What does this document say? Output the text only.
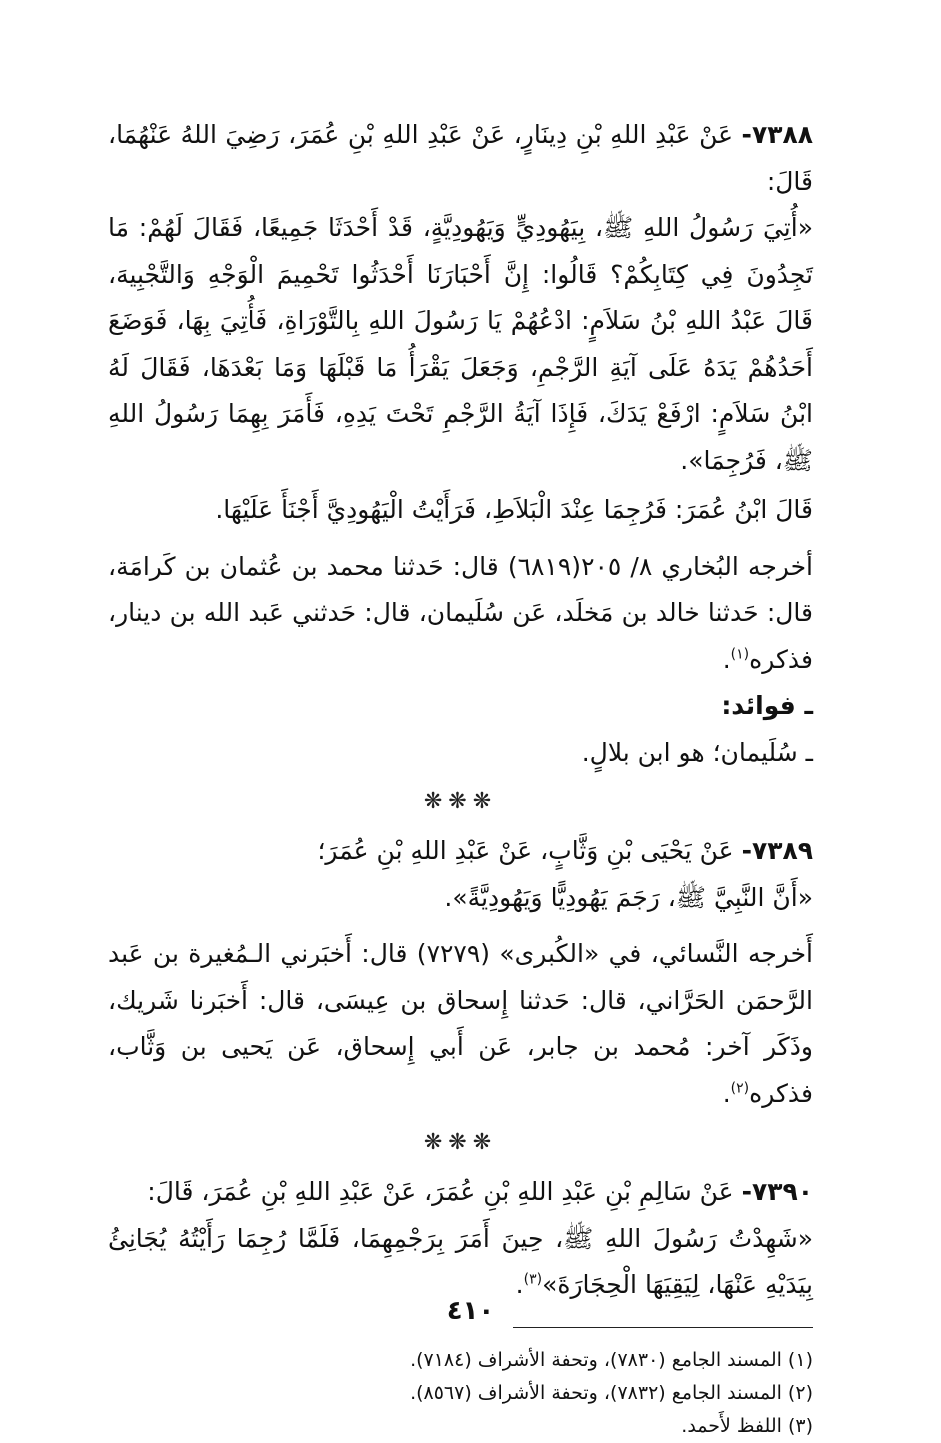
٧٣٨٨- عَنْ عَبْدِ اللهِ بْنِ دِينَارٍ، عَنْ عَبْدِ اللهِ بْنِ عُمَرَ، رَضِيَ اللهُ عَنْهُمَا، قَالَ:

«أُتِيَ رَسُولُ اللهِ ﷺ، بِيَهُودِيٍّ وَيَهُودِيَّةٍ، قَدْ أَحْدَثَا جَمِيعًا، فَقَالَ لَهُمْ: مَا تَجِدُونَ فِي كِتَابِكُمْ؟ قَالُوا: إِنَّ أَحْبَارَنَا أَحْدَثُوا تَحْمِيمَ الْوَجْهِ وَالتَّجْبِيهَ، قَالَ عَبْدُ اللهِ بْنُ سَلاَمٍ: ادْعُهُمْ يَا رَسُولَ اللهِ بِالتَّوْرَاةِ، فَأُتِيَ بِهَا، فَوَضَعَ أَحَدُهُمْ يَدَهُ عَلَى آيَةِ الرَّجْمِ، وَجَعَلَ يَقْرَأُ مَا قَبْلَهَا وَمَا بَعْدَهَا، فَقَالَ لَهُ ابْنُ سَلاَمٍ: ارْفَعْ يَدَكَ، فَإِذَا آيَةُ الرَّجْمِ تَحْتَ يَدِهِ، فَأَمَرَ بِهِمَا رَسُولُ اللهِ ﷺ، فَرُجِمَا».

قَالَ ابْنُ عُمَرَ: فَرُجِمَا عِنْدَ الْبَلاَطِ، فَرَأَيْتُ الْيَهُودِيَّ أَجْنَأَ عَلَيْهَا.

أخرجه البُخاري ٨/ ٢٠٥(٦٨١٩) قال: حَدثنا محمد بن عُثمان بن كَرامَة، قال: حَدثنا خالد بن مَخلَد، عَن سُلَيمان، قال: حَدثني عَبد الله بن دينار، فذكره$^{(١)}$.

ـ فوائد:

ـ سُلَيمان؛ هو ابن بلالٍ.

❋❋❋

٧٣٨٩- عَنْ يَحْيَى بْنِ وَثَّابٍ، عَنْ عَبْدِ اللهِ بْنِ عُمَرَ؛

«أَنَّ النَّبِيَّ ﷺ، رَجَمَ يَهُودِيًّا وَيَهُودِيَّةً».

أَخرجه النَّسائي، في «الكُبرى» (٧٢٧٩) قال: أَخبَرني الـمُغيرة بن عَبد الرَّحمَن الحَرَّاني، قال: حَدثنا إِسحاق بن عِيسَى، قال: أَخبَرنا شَريك، وذَكَر آخر: مُحمد بن جابر، عَن أَبي إِسحاق، عَن يَحيى بن وَثَّاب، فذكره$^{(٢)}$.

❋❋❋

٧٣٩٠- عَنْ سَالِمِ بْنِ عَبْدِ اللهِ بْنِ عُمَرَ، عَنْ عَبْدِ اللهِ بْنِ عُمَرَ، قَالَ:

«شَهِدْتُ رَسُولَ اللهِ ﷺ، حِينَ أَمَرَ بِرَجْمِهِمَا، فَلَمَّا رُجِمَا رَأَيْتُهُ يُجَانِئُ بِيَدَيْهِ عَنْهَا، لِيَقِيَهَا الْحِجَارَةَ»$^{(٣)}$.

(١) المسند الجامع (٧٨٣٠)، وتحفة الأشراف (٧١٨٤).
(٢) المسند الجامع (٧٨٣٢)، وتحفة الأشراف (٨٥٦٧).
(٣) اللفظ لأَحمد.
٤١٠
